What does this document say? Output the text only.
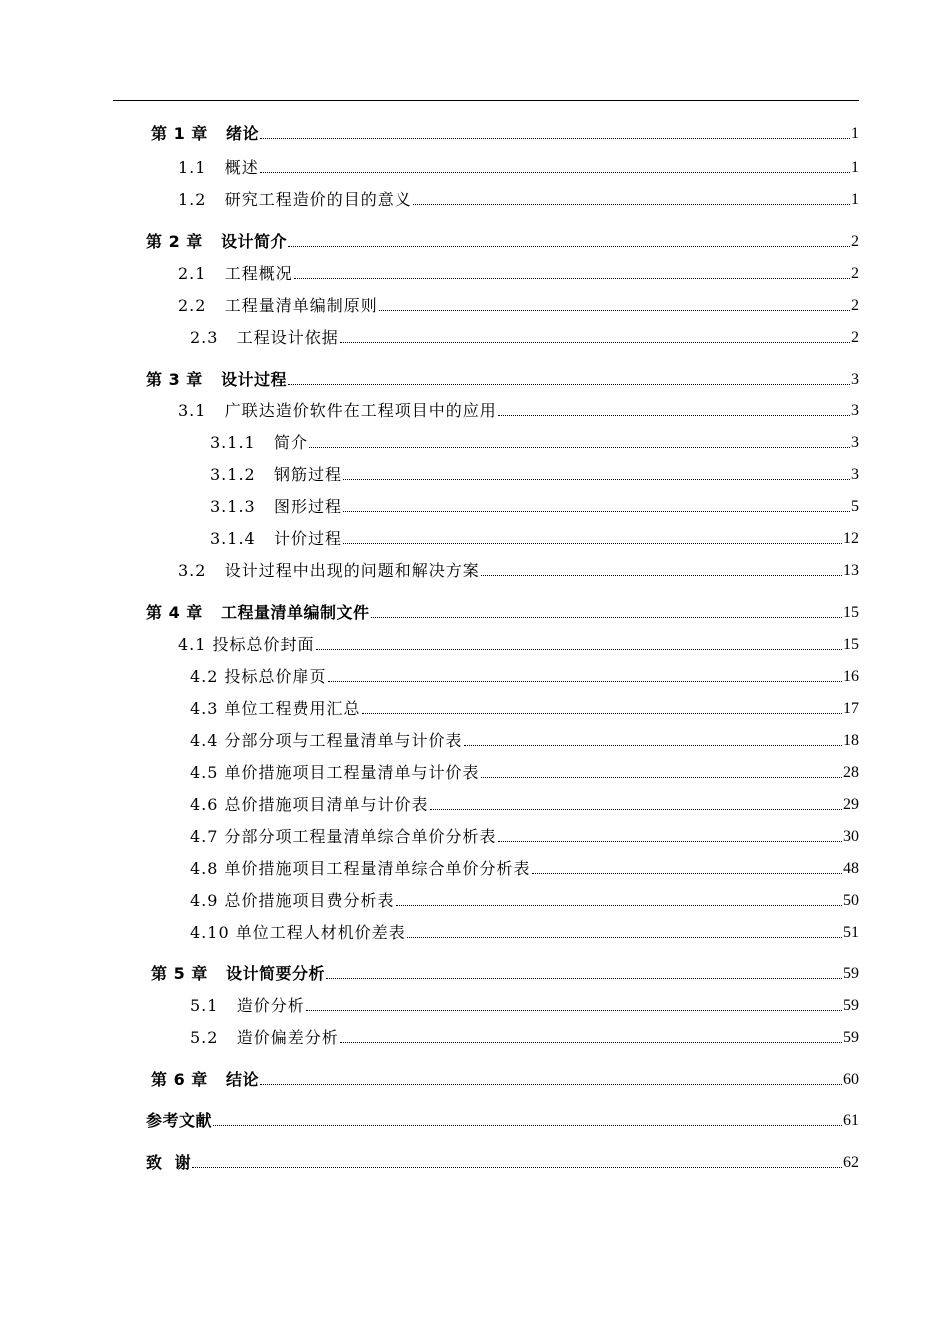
第 1 章   绪论	1
1.1   概述	1
1.2   研究工程造价的目的意义	1
第 2 章   设计简介	2
2.1   工程概况	2
2.2   工程量清单编制原则	2
2.3   工程设计依据	2
第 3 章   设计过程	3
3.1   广联达造价软件在工程项目中的应用	3
3.1.1   简介	3
3.1.2   钢筋过程	3
3.1.3   图形过程	5
3.1.4   计价过程	12
3.2   设计过程中出现的问题和解决方案	13
第 4 章   工程量清单编制文件	15
4.1 投标总价封面	15
4.2 投标总价扉页	16
4.3 单位工程费用汇总	17
4.4 分部分项与工程量清单与计价表	18
4.5 单价措施项目工程量清单与计价表	28
4.6 总价措施项目清单与计价表	29
4.7 分部分项工程量清单综合单价分析表	30
4.8 单价措施项目工程量清单综合单价分析表	48
4.9 总价措施项目费分析表	50
4.10 单位工程人材机价差表	51
第 5 章   设计简要分析	59
5.1   造价分析	59
5.2   造价偏差分析	59
第 6 章   结论	60
参考文献	61
致  谢	62
